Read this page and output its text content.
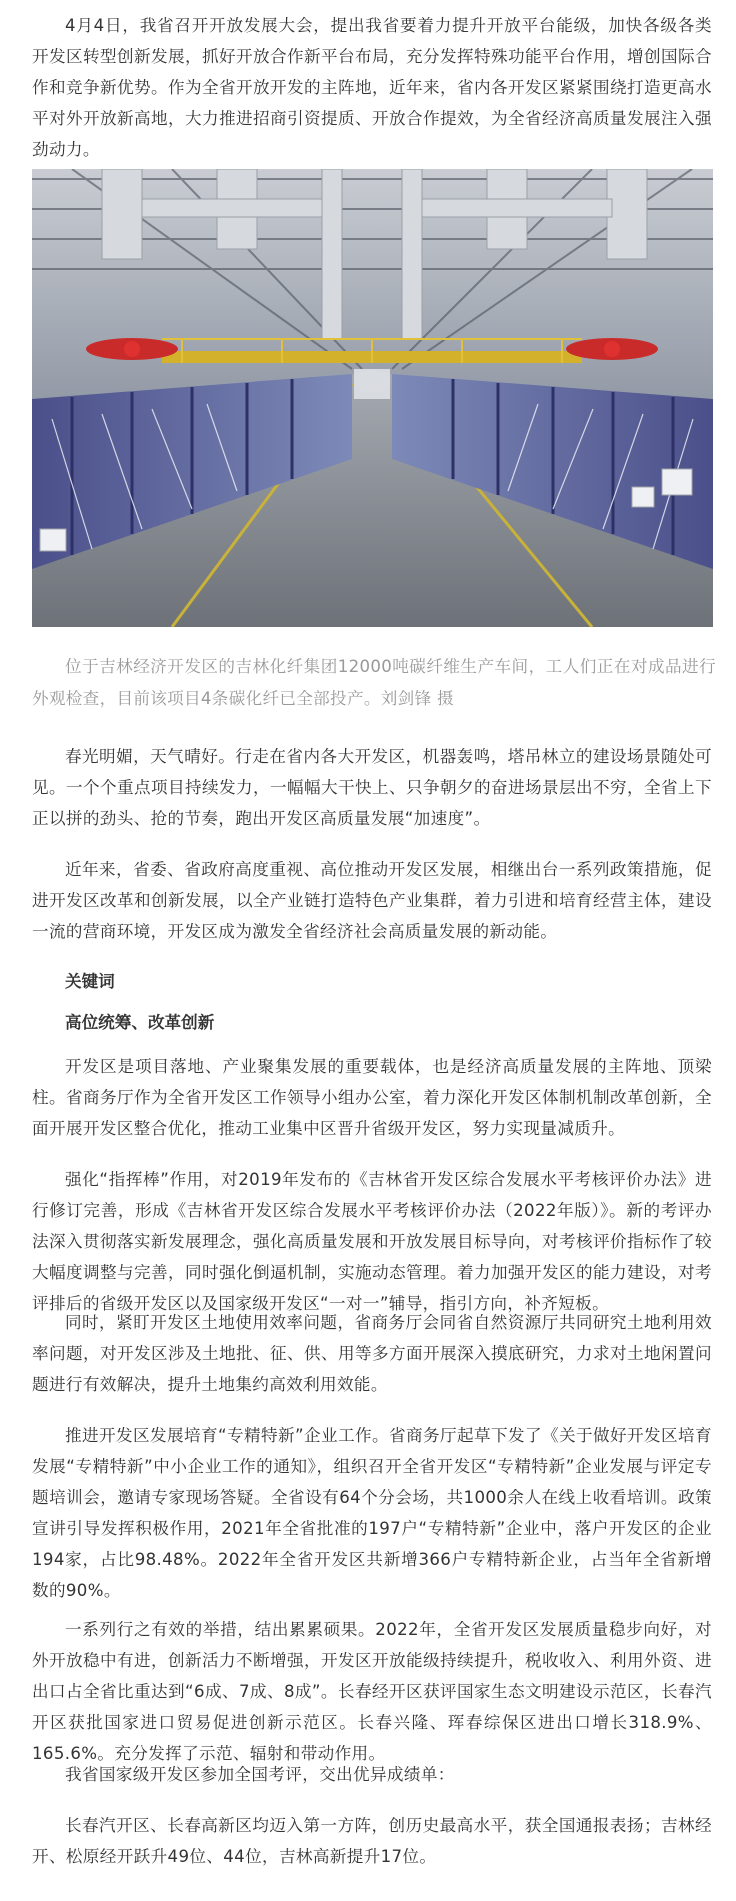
4月4日，我省召开开放发展大会，提出我省要着力提升开放平台能级，加快各级各类开发区转型创新发展，抓好开放合作新平台布局，充分发挥特殊功能平台作用，增创国际合作和竞争新优势。作为全省开放开发的主阵地，近年来，省内各开发区紧紧围绕打造更高水平对外开放新高地，大力推进招商引资提质、开放合作提效，为全省经济高质量发展注入强劲动力。

位于吉林经济开发区的吉林化纤集团12000吨碳纤维生产车间，工人们正在对成品进行外观检查，目前该项目4条碳化纤已全部投产。刘剑锋 摄

春光明媚，天气晴好。行走在省内各大开发区，机器轰鸣，塔吊林立的建设场景随处可见。一个个重点项目持续发力，一幅幅大干快上、只争朝夕的奋进场景层出不穷，全省上下正以拼的劲头、抢的节奏，跑出开发区高质量发展“加速度”。

近年来，省委、省政府高度重视、高位推动开发区发展，相继出台一系列政策措施，促进开发区改革和创新发展，以全产业链打造特色产业集群，着力引进和培育经营主体，建设一流的营商环境，开发区成为激发全省经济社会高质量发展的新动能。

关键词

高位统筹、改革创新

开发区是项目落地、产业聚集发展的重要载体，也是经济高质量发展的主阵地、顶梁柱。省商务厅作为全省开发区工作领导小组办公室，着力深化开发区体制机制改革创新，全面开展开发区整合优化，推动工业集中区晋升省级开发区，努力实现量减质升。

强化“指挥棒”作用，对2019年发布的《吉林省开发区综合发展水平考核评价办法》进行修订完善，形成《吉林省开发区综合发展水平考核评价办法（2022年版）》。新的考评办法深入贯彻落实新发展理念，强化高质量发展和开放发展目标导向，对考核评价指标作了较大幅度调整与完善，同时强化倒逼机制，实施动态管理。着力加强开发区的能力建设，对考评排后的省级开发区以及国家级开发区“一对一”辅导，指引方向，补齐短板。

同时，紧盯开发区土地使用效率问题，省商务厅会同省自然资源厅共同研究土地利用效率问题，对开发区涉及土地批、征、供、用等多方面开展深入摸底研究，力求对土地闲置问题进行有效解决，提升土地集约高效利用效能。

推进开发区发展培育“专精特新”企业工作。省商务厅起草下发了《关于做好开发区培育发展“专精特新”中小企业工作的通知》，组织召开全省开发区“专精特新”企业发展与评定专题培训会，邀请专家现场答疑。全省设有64个分会场，共1000余人在线上收看培训。政策宣讲引导发挥积极作用，2021年全省批准的197户“专精特新”企业中，落户开发区的企业194家，占比98.48%。2022年全省开发区共新增366户专精特新企业，占当年全省新增数的90%。

一系列行之有效的举措，结出累累硕果。2022年，全省开发区发展质量稳步向好，对外开放稳中有进，创新活力不断增强，开发区开放能级持续提升，税收收入、利用外资、进出口占全省比重达到“6成、7成、8成”。长春经开区获评国家生态文明建设示范区，长春汽开区获批国家进口贸易促进创新示范区。长春兴隆、珲春综保区进出口增长318.9%、165.6%。充分发挥了示范、辐射和带动作用。

我省国家级开发区参加全国考评，交出优异成绩单：

长春汽开区、长春高新区均迈入第一方阵，创历史最高水平，获全国通报表扬；吉林经开、松原经开跃升49位、44位，吉林高新提升17位。
